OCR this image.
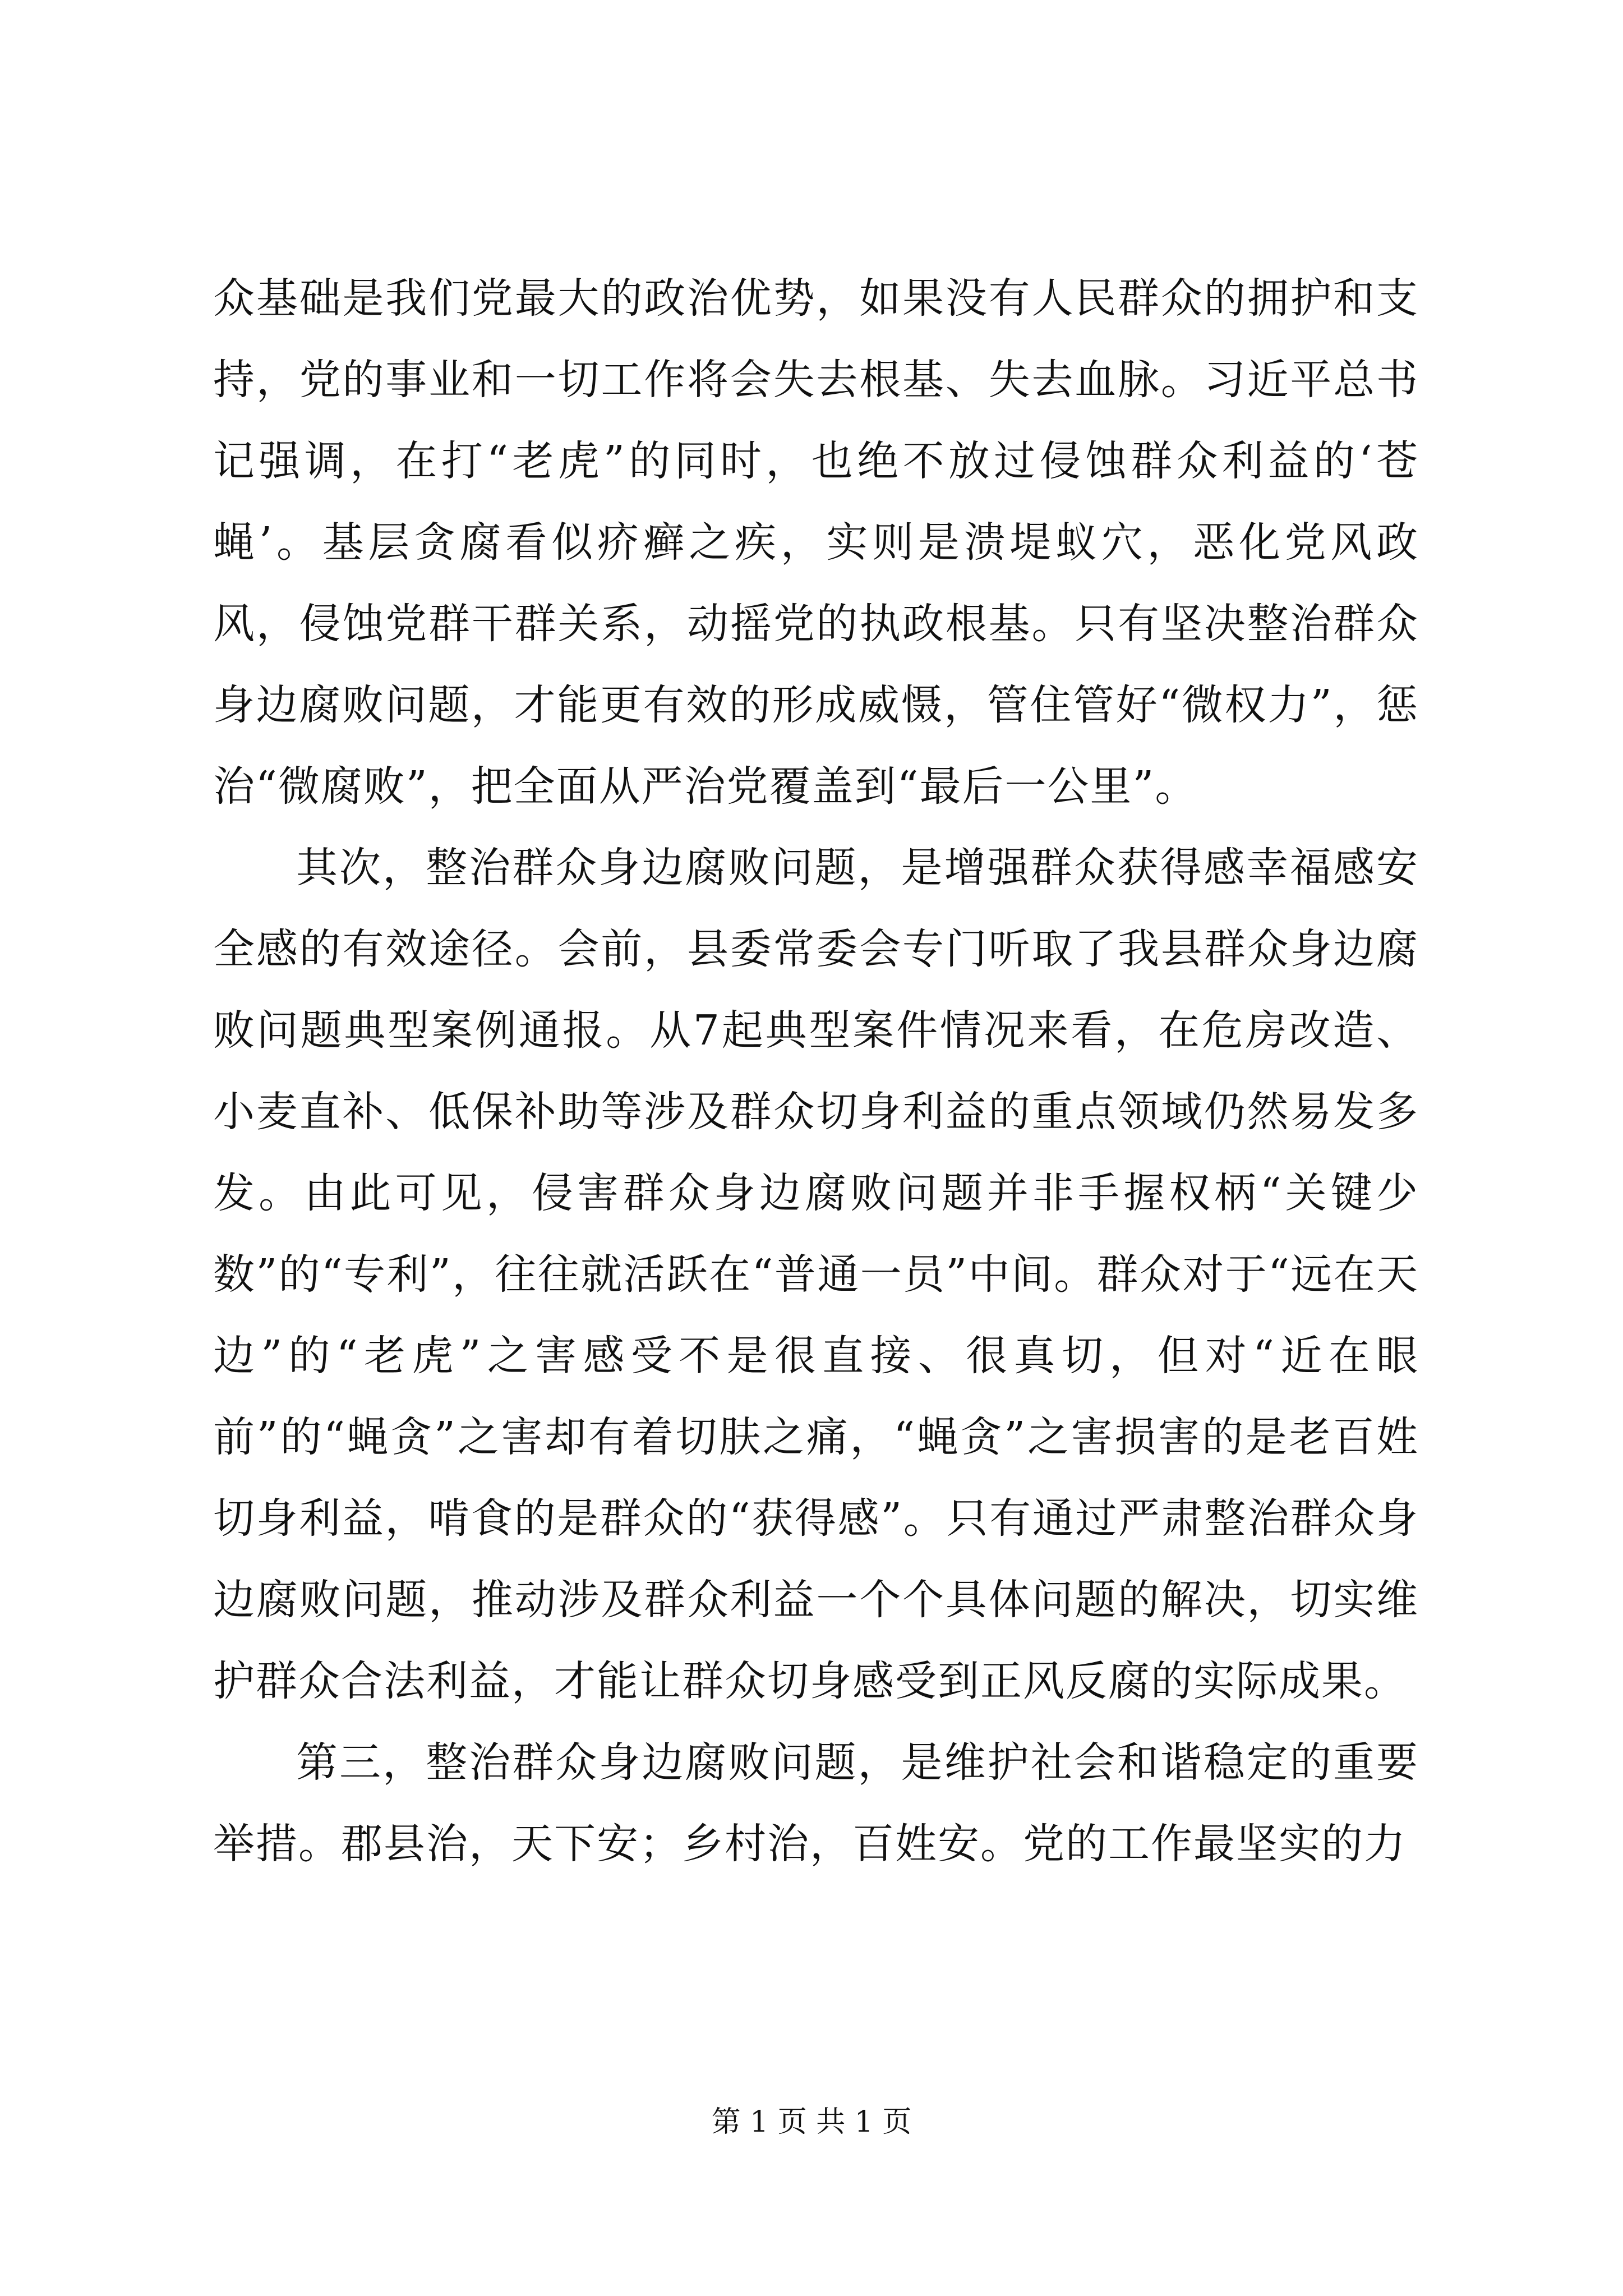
众基础是我们党最大的政治优势，如果没有人民群众的拥护和支持，党的事业和一切工作将会失去根基、失去血脉。习近平总书记强调，在打“老虎”的同时，也绝不放过侵蚀群众利益的‘苍蝇’。基层贪腐看似疥癣之疾，实则是溃堤蚁穴，恶化党风政风，侵蚀党群干群关系，动摇党的执政根基。只有坚决整治群众身边腐败问题，才能更有效的形成威慑，管住管好“微权力”，惩治“微腐败”，把全面从严治党覆盖到“最后一公里”。

其次，整治群众身边腐败问题，是增强群众获得感幸福感安全感的有效途径。会前，县委常委会专门听取了我县群众身边腐败问题典型案例通报。从7起典型案件情况来看，在危房改造、小麦直补、低保补助等涉及群众切身利益的重点领域仍然易发多发。由此可见，侵害群众身边腐败问题并非手握权柄“关键少数”的“专利”，往往就活跃在“普通一员”中间。群众对于“远在天边”的“老虎”之害感受不是很直接、很真切，但对“近在眼前”的“蝇贪”之害却有着切肤之痛，“蝇贪”之害损害的是老百姓切身利益，啃食的是群众的“获得感”。只有通过严肃整治群众身边腐败问题，推动涉及群众利益一个个具体问题的解决，切实维护群众合法利益，才能让群众切身感受到正风反腐的实际成果。

第三，整治群众身边腐败问题，是维护社会和谐稳定的重要举措。郡县治，天下安；乡村治，百姓安。党的工作最坚实的力

第 1 页 共 1 页
